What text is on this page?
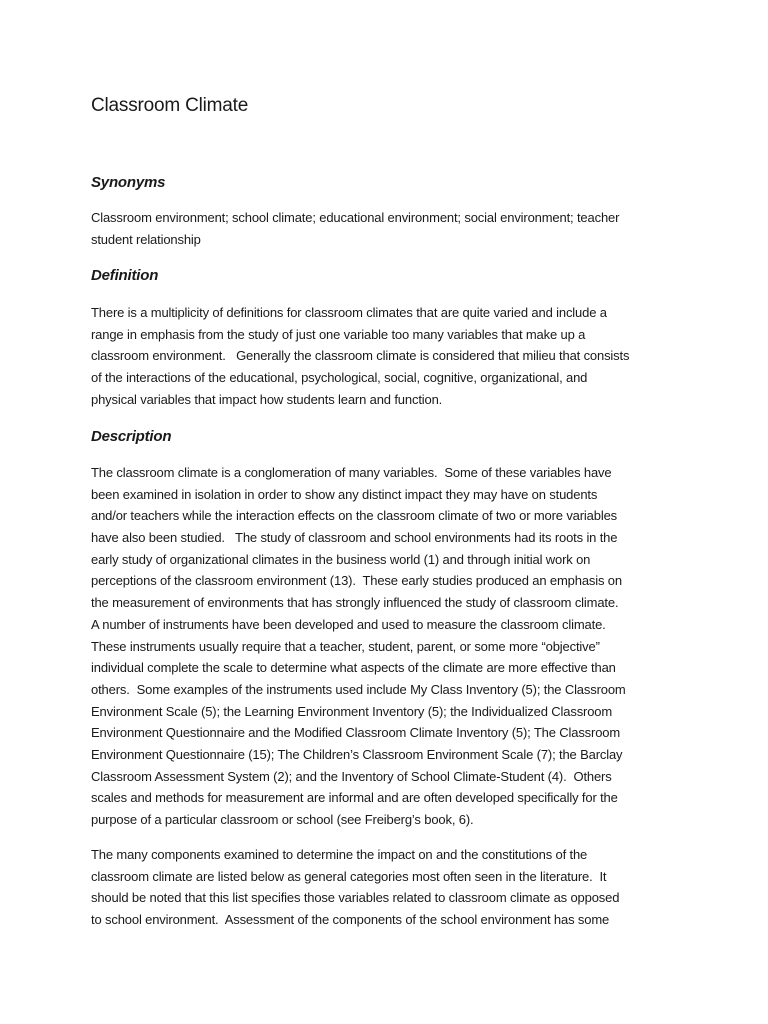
Classroom Climate
Synonyms
Classroom environment; school climate; educational environment; social environment; teacher
student relationship
Definition
There is a multiplicity of definitions for classroom climates that are quite varied and include a
range in emphasis from the study of just one variable too many variables that make up a
classroom environment.   Generally the classroom climate is considered that milieu that consists
of the interactions of the educational, psychological, social, cognitive, organizational, and
physical variables that impact how students learn and function.
Description
The classroom climate is a conglomeration of many variables.  Some of these variables have
been examined in isolation in order to show any distinct impact they may have on students
and/or teachers while the interaction effects on the classroom climate of two or more variables
have also been studied.   The study of classroom and school environments had its roots in the
early study of organizational climates in the business world (1) and through initial work on
perceptions of the classroom environment (13).  These early studies produced an emphasis on
the measurement of environments that has strongly influenced the study of classroom climate.
A number of instruments have been developed and used to measure the classroom climate.
These instruments usually require that a teacher, student, parent, or some more “objective”
individual complete the scale to determine what aspects of the climate are more effective than
others.  Some examples of the instruments used include My Class Inventory (5); the Classroom
Environment Scale (5); the Learning Environment Inventory (5); the Individualized Classroom
Environment Questionnaire and the Modified Classroom Climate Inventory (5); The Classroom
Environment Questionnaire (15); The Children’s Classroom Environment Scale (7); the Barclay
Classroom Assessment System (2); and the Inventory of School Climate-Student (4).  Others
scales and methods for measurement are informal and are often developed specifically for the
purpose of a particular classroom or school (see Freiberg’s book, 6).
The many components examined to determine the impact on and the constitutions of the
classroom climate are listed below as general categories most often seen in the literature.  It
should be noted that this list specifies those variables related to classroom climate as opposed
to school environment.  Assessment of the components of the school environment has some
